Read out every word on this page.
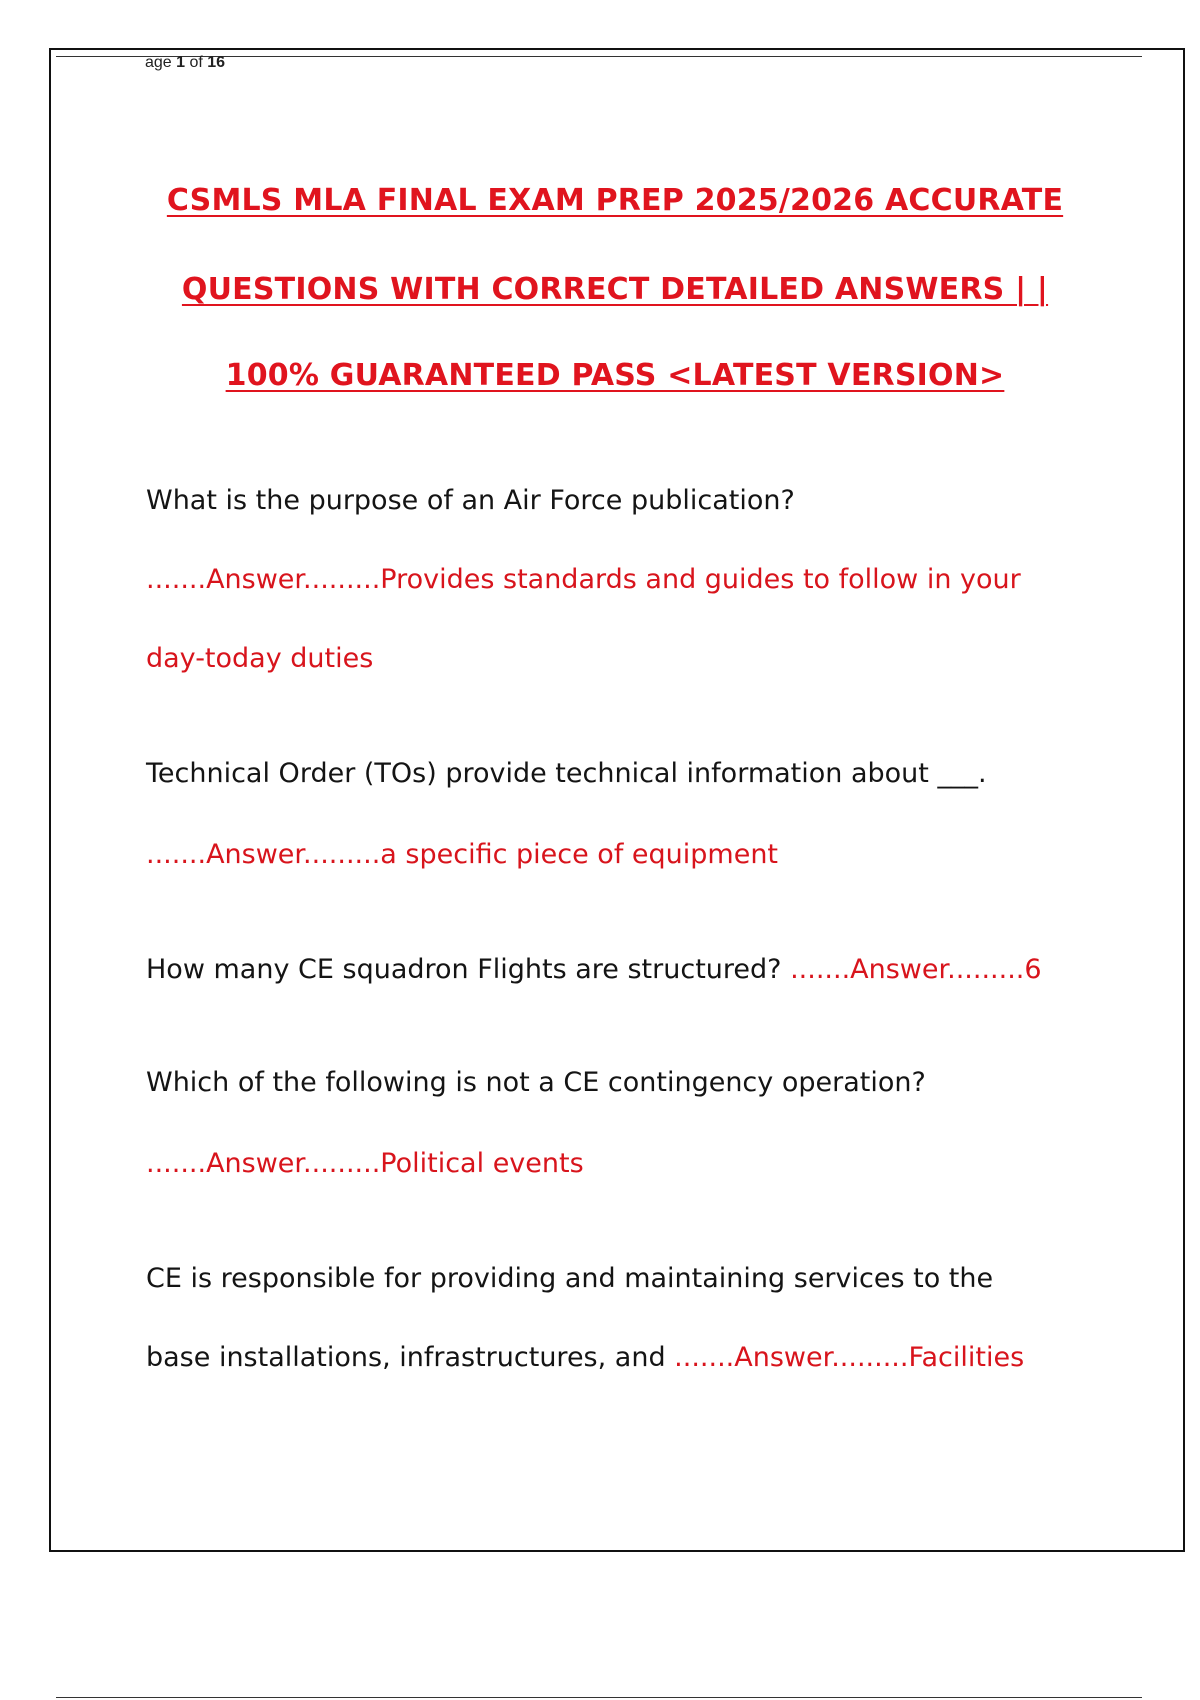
age 1 of 16
CSMLS MLA FINAL EXAM PREP 2025/2026 ACCURATE
QUESTIONS WITH CORRECT DETAILED ANSWERS | |
100% GUARANTEED PASS <LATEST VERSION>
What is the purpose of an Air Force publication?
.......Answer.........Provides standards and guides to follow in your
day-today duties
Technical Order (TOs) provide technical information about ___.
.......Answer.........a specific piece of equipment
How many CE squadron Flights are structured? .......Answer.........6
Which of the following is not a CE contingency operation?
.......Answer.........Political events
CE is responsible for providing and maintaining services to the
base installations, infrastructures, and .......Answer.........Facilities
